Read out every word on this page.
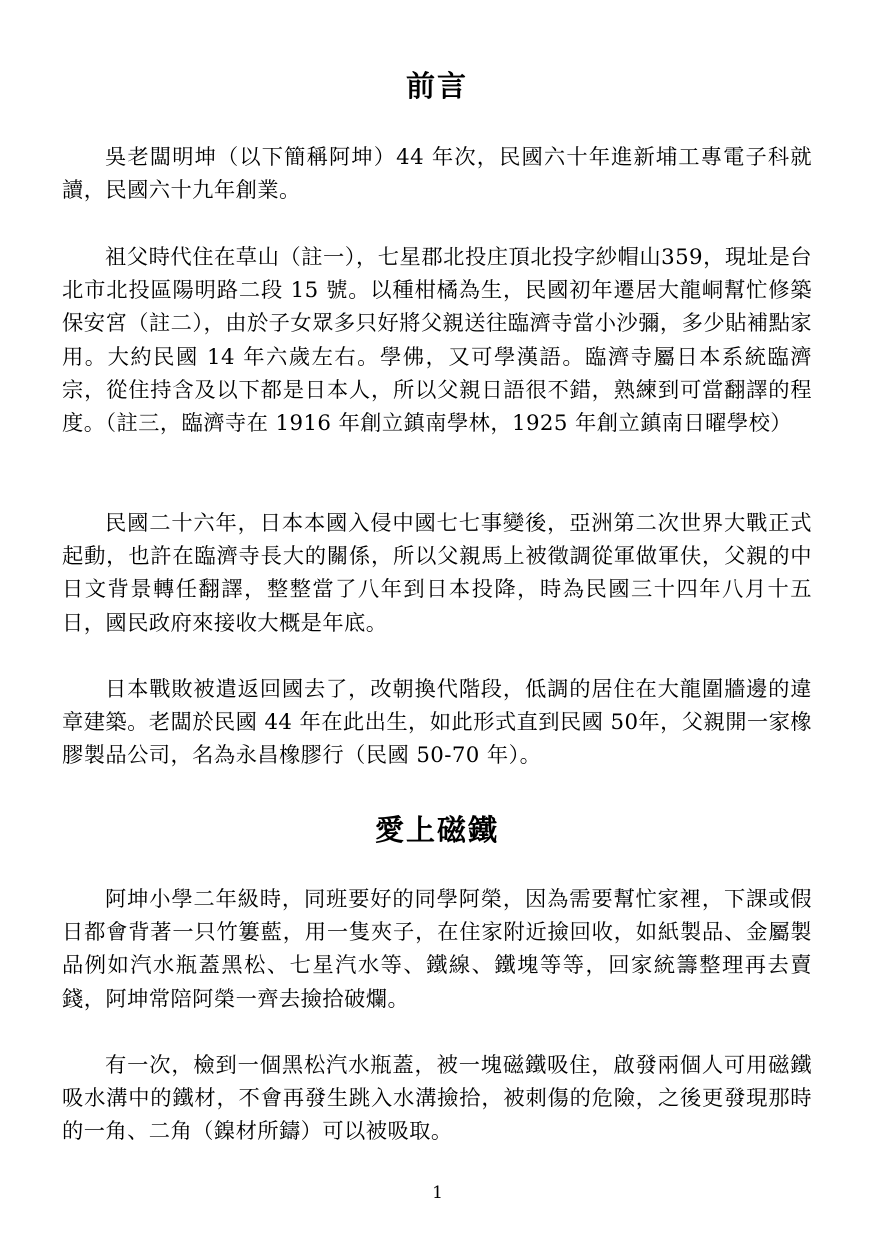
前言

吳老闆明坤（以下簡稱阿坤）44 年次，民國六十年進新埔工專電子科就讀，民國六十九年創業。

祖父時代住在草山（註一），七星郡北投庄頂北投字紗帽山359，現址是台北市北投區陽明路二段 15 號。以種柑橘為生，民國初年遷居大龍峒幫忙修築保安宮（註二），由於子女眾多只好將父親送往臨濟寺當小沙彌，多少貼補點家用。大約民國 14 年六歲左右。學佛，又可學漢語。臨濟寺屬日本系統臨濟宗，從住持含及以下都是日本人，所以父親日語很不錯，熟練到可當翻譯的程度。（註三，臨濟寺在 1916 年創立鎮南學林，1925 年創立鎮南日曜學校）

民國二十六年，日本本國入侵中國七七事變後，亞洲第二次世界大戰正式起動，也許在臨濟寺長大的關係，所以父親馬上被徵調從軍做軍伕，父親的中日文背景轉任翻譯，整整當了八年到日本投降，時為民國三十四年八月十五日，國民政府來接收大概是年底。

日本戰敗被遣返回國去了，改朝換代階段，低調的居住在大龍圍牆邊的違章建築。老闆於民國 44 年在此出生，如此形式直到民國 50年，父親開一家橡膠製品公司，名為永昌橡膠行（民國 50-70 年）。

愛上磁鐵

阿坤小學二年級時，同班要好的同學阿榮，因為需要幫忙家裡，下課或假日都會背著一只竹簍藍，用一隻夾子，在住家附近撿回收，如紙製品、金屬製品例如汽水瓶蓋黑松、七星汽水等、鐵線、鐵塊等等，回家統籌整理再去賣錢，阿坤常陪阿榮一齊去撿拾破爛。

有一次，檢到一個黑松汽水瓶蓋，被一塊磁鐵吸住，啟發兩個人可用磁鐵吸水溝中的鐵材，不會再發生跳入水溝撿拾，被刺傷的危險，之後更發現那時的一角、二角（鎳材所鑄）可以被吸取。

1
